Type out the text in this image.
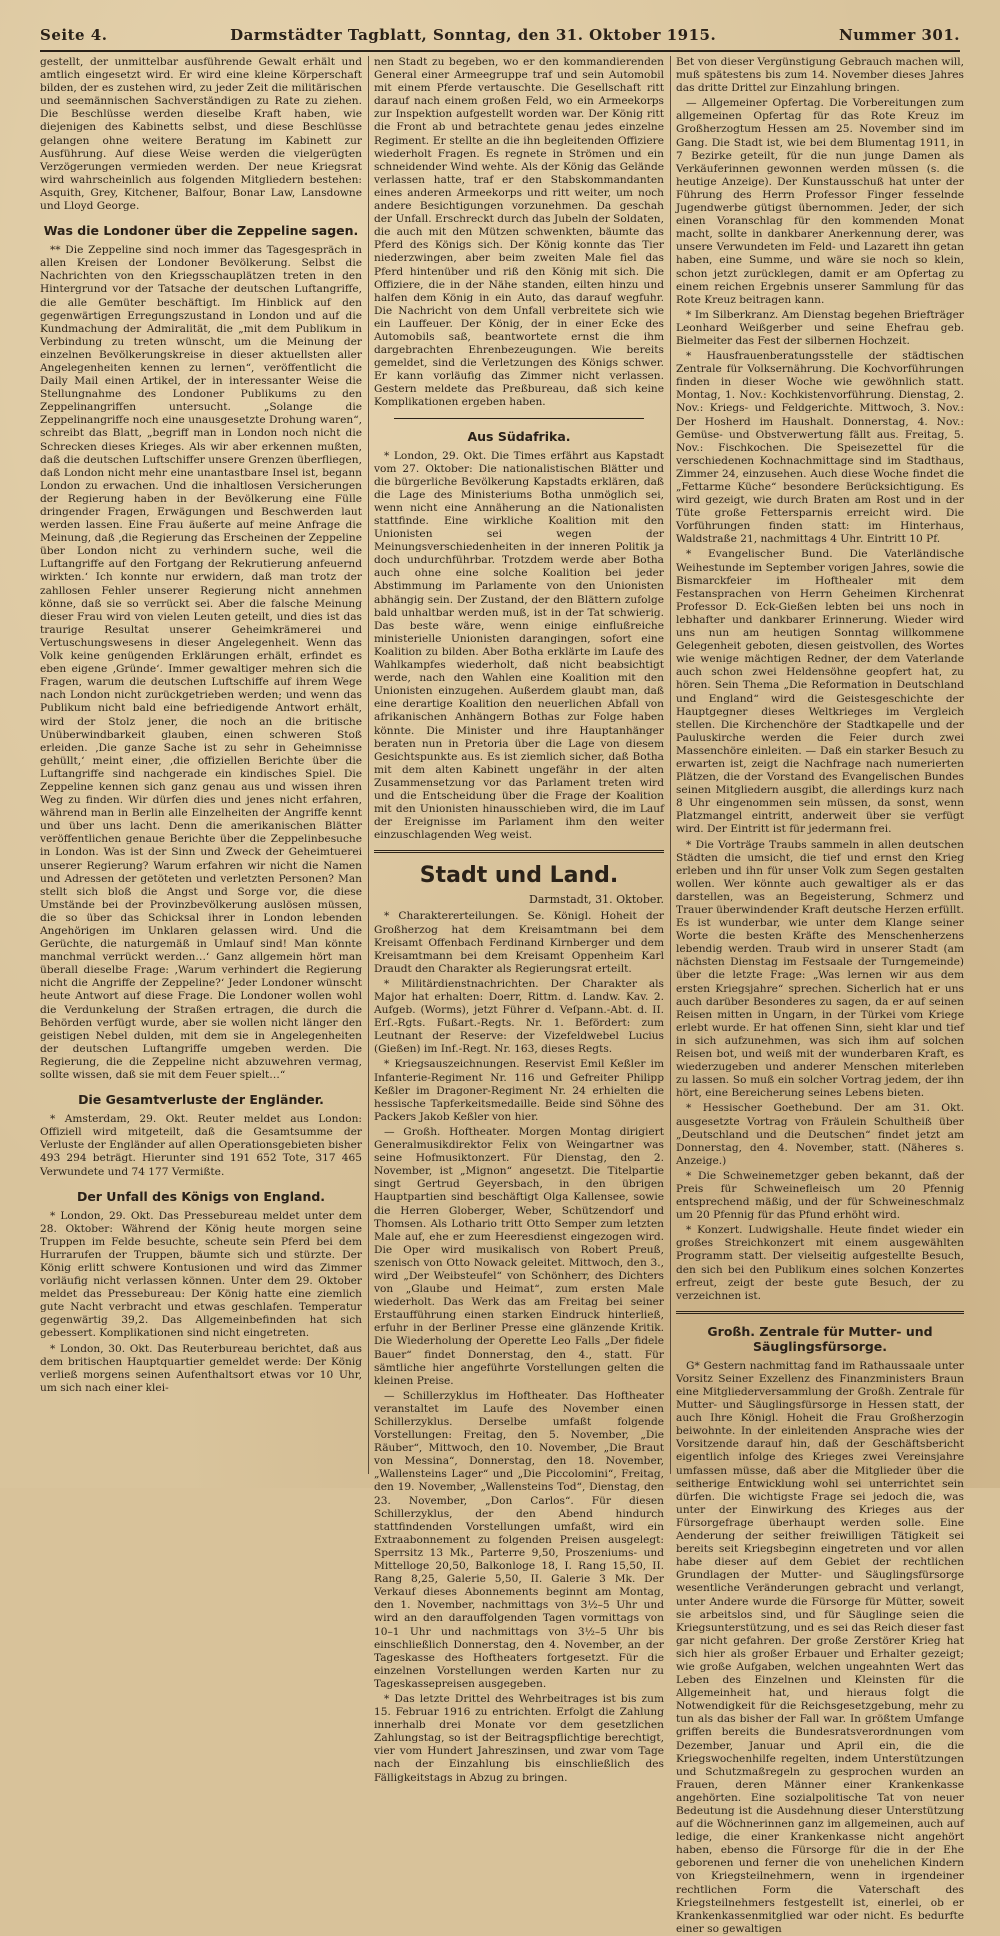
Seite 4.	Darmstädter Tagblatt, Sonntag, den 31. Oktober 1915.	Nummer 301.

gestellt, der unmittelbar ausführende Gewalt erhält und amtlich eingesetzt wird. Er wird eine kleine Körperschaft bilden, der es zustehen wird, zu jeder Zeit die militärischen und seemännischen Sachverständigen zu Rate zu ziehen. Die Beschlüsse werden dieselbe Kraft haben, wie diejenigen des Kabinetts selbst, und diese Beschlüsse gelangen ohne weitere Beratung im Kabinett zur Ausführung. Auf diese Weise werden die vielgerügten Verzögerungen vermieden werden. Der neue Kriegsrat wird wahrscheinlich aus folgenden Mitgliedern bestehen: Asquith, Grey, Kitchener, Balfour, Bonar Law, Lansdowne und Lloyd George.

Was die Londoner über die Zeppeline sagen.

** Die Zeppeline sind noch immer das Tagesgespräch in allen Kreisen der Londoner Bevölkerung. Selbst die Nachrichten von den Kriegsschauplätzen treten in den Hintergrund vor der Tatsache der deutschen Luftangriffe, die alle Gemüter beschäftigt. Im Hinblick auf den gegenwärtigen Erregungszustand in London und auf die Kundmachung der Admiralität, die „mit dem Publikum in Verbindung zu treten wünscht, um die Meinung der einzelnen Bevölkerungskreise in dieser aktuellsten aller Angelegenheiten kennen zu lernen“, veröffentlicht die Daily Mail einen Artikel, der in interessanter Weise die Stellungnahme des Londoner Publikums zu den Zeppelinangriffen untersucht. „Solange die Zeppelinangriffe noch eine unausgesetzte Drohung waren“, schreibt das Blatt, „begriff man in London noch nicht die Schrecken dieses Krieges. Als wir aber erkennen mußten, daß die deutschen Luftschiffer unsere Grenzen überfliegen, daß London nicht mehr eine unantastbare Insel ist, begann London zu erwachen. Und die inhaltlosen Versicherungen der Regierung haben in der Bevölkerung eine Fülle dringender Fragen, Erwägungen und Beschwerden laut werden lassen. Eine Frau äußerte auf meine Anfrage die Meinung, daß ‚die Regierung das Erscheinen der Zeppeline über London nicht zu verhindern suche, weil die Luftangriffe auf den Fortgang der Rekrutierung anfeuernd wirkten.‘ Ich konnte nur erwidern, daß man trotz der zahllosen Fehler unserer Regierung nicht annehmen könne, daß sie so verrückt sei. Aber die falsche Meinung dieser Frau wird von vielen Leuten geteilt, und dies ist das traurige Resultat unserer Geheimkrämerei und Vertuschungswesens in dieser Angelegenheit. Wenn das Volk keine genügenden Erklärungen erhält, erfindet es eben eigene ‚Gründe‘. Immer gewaltiger mehren sich die Fragen, warum die deutschen Luftschiffe auf ihrem Wege nach London nicht zurückgetrieben werden; und wenn das Publikum nicht bald eine befriedigende Antwort erhält, wird der Stolz jener, die noch an die britische Unüberwindbarkeit glauben, einen schweren Stoß erleiden. ‚Die ganze Sache ist zu sehr in Geheimnisse gehüllt,‘ meint einer, ‚die offiziellen Berichte über die Luftangriffe sind nachgerade ein kindisches Spiel. Die Zeppeline kennen sich ganz genau aus und wissen ihren Weg zu finden. Wir dürfen dies und jenes nicht erfahren, während man in Berlin alle Einzelheiten der Angriffe kennt und über uns lacht. Denn die amerikanischen Blätter veröffentlichen genaue Berichte über die Zeppelinbesuche in London. Was ist der Sinn und Zweck der Geheimtuerei unserer Regierung? Warum erfahren wir nicht die Namen und Adressen der getöteten und verletzten Personen? Man stellt sich bloß die Angst und Sorge vor, die diese Umstände bei der Provinzbevölkerung auslösen müssen, die so über das Schicksal ihrer in London lebenden Angehörigen im Unklaren gelassen wird. Und die Gerüchte, die naturgemäß in Umlauf sind! Man könnte manchmal verrückt werden…‘ Ganz allgemein hört man überall dieselbe Frage: ‚Warum verhindert die Regierung nicht die Angriffe der Zeppeline?‘ Jeder Londoner wünscht heute Antwort auf diese Frage. Die Londoner wollen wohl die Verdunkelung der Straßen ertragen, die durch die Behörden verfügt wurde, aber sie wollen nicht länger den geistigen Nebel dulden, mit dem sie in Angelegenheiten der deutschen Luftangriffe umgeben werden. Die Regierung, die die Zeppeline nicht abzuwehren vermag, sollte wissen, daß sie mit dem Feuer spielt…“

Die Gesamtverluste der Engländer.

* Amsterdam, 29. Okt. Reuter meldet aus London: Offiziell wird mitgeteilt, daß die Gesamtsumme der Verluste der Engländer auf allen Operationsgebieten bisher 493 294 beträgt. Hierunter sind 191 652 Tote, 317 465 Verwundete und 74 177 Vermißte.

Der Unfall des Königs von England.

* London, 29. Okt. Das Pressebureau meldet unter dem 28. Oktober: Während der König heute morgen seine Truppen im Felde besuchte, scheute sein Pferd bei dem Hurrarufen der Truppen, bäumte sich und stürzte. Der König erlitt schwere Kontusionen und wird das Zimmer vorläufig nicht verlassen können. Unter dem 29. Oktober meldet das Pressebureau: Der König hatte eine ziemlich gute Nacht verbracht und etwas geschlafen. Temperatur gegenwärtig 39,2. Das Allgemeinbefinden hat sich gebessert. Komplikationen sind nicht eingetreten.

* London, 30. Okt. Das Reuterbureau berichtet, daß aus dem britischen Hauptquartier gemeldet werde: Der König verließ morgens seinen Aufenthaltsort etwas vor 10 Uhr, um sich nach einer klei-

nen Stadt zu begeben, wo er den kommandierenden General einer Armeegruppe traf und sein Automobil mit einem Pferde vertauschte. Die Gesellschaft ritt darauf nach einem großen Feld, wo ein Armeekorps zur Inspektion aufgestellt worden war. Der König ritt die Front ab und betrachtete genau jedes einzelne Regiment. Er stellte an die ihn begleitenden Offiziere wiederholt Fragen. Es regnete in Strömen und ein schneidender Wind wehte. Als der König das Gelände verlassen hatte, traf er den Stabskommandanten eines anderen Armeekorps und ritt weiter, um noch andere Besichtigungen vorzunehmen. Da geschah der Unfall. Erschreckt durch das Jubeln der Soldaten, die auch mit den Mützen schwenkten, bäumte das Pferd des Königs sich. Der König konnte das Tier niederzwingen, aber beim zweiten Male fiel das Pferd hintenüber und riß den König mit sich. Die Offiziere, die in der Nähe standen, eilten hinzu und halfen dem König in ein Auto, das darauf wegfuhr. Die Nachricht von dem Unfall verbreitete sich wie ein Lauffeuer. Der König, der in einer Ecke des Automobils saß, beantwortete ernst die ihm dargebrachten Ehrenbezeugungen. Wie bereits gemeldet, sind die Verletzungen des Königs schwer. Er kann vorläufig das Zimmer nicht verlassen. Gestern meldete das Preßbureau, daß sich keine Komplikationen ergeben haben.

Aus Südafrika.

* London, 29. Okt. Die Times erfährt aus Kapstadt vom 27. Oktober: Die nationalistischen Blätter und die bürgerliche Bevölkerung Kapstadts erklären, daß die Lage des Ministeriums Botha unmöglich sei, wenn nicht eine Annäherung an die Nationalisten stattfinde. Eine wirkliche Koalition mit den Unionisten sei wegen der Meinungsverschiedenheiten in der inneren Politik ja doch undurchführbar. Trotzdem werde aber Botha auch ohne eine solche Koalition bei jeder Abstimmung im Parlamente von den Unionisten abhängig sein. Der Zustand, der den Blättern zufolge bald unhaltbar werden muß, ist in der Tat schwierig. Das beste wäre, wenn einige einflußreiche ministerielle Unionisten darangingen, sofort eine Koalition zu bilden. Aber Botha erklärte im Laufe des Wahlkampfes wiederholt, daß nicht beabsichtigt werde, nach den Wahlen eine Koalition mit den Unionisten einzugehen. Außerdem glaubt man, daß eine derartige Koalition den neuerlichen Abfall von afrikanischen Anhängern Bothas zur Folge haben könnte. Die Minister und ihre Hauptanhänger beraten nun in Pretoria über die Lage von diesem Gesichtspunkte aus. Es ist ziemlich sicher, daß Botha mit dem alten Kabinett ungefähr in der alten Zusammensetzung vor das Parlament treten wird und die Entscheidung über die Frage der Koalition mit den Unionisten hinausschieben wird, die im Lauf der Ereignisse im Parlament ihm den weiter einzuschlagenden Weg weist.

Stadt und Land.
Darmstadt, 31. Oktober.

* Charaktererteilungen. Se. Königl. Hoheit der Großherzog hat dem Kreisamtmann bei dem Kreisamt Offenbach Ferdinand Kirnberger und dem Kreisamtmann bei dem Kreisamt Oppenheim Karl Draudt den Charakter als Regierungsrat erteilt.

* Militärdienstnachrichten. Der Charakter als Major hat erhalten: Doerr, Rittm. d. Landw. Kav. 2. Aufgeb. (Worms), jetzt Führer d. Veſpann.-Abt. d. II. Erſ.-Rgts. Fußart.-Regts. Nr. 1. Befördert: zum Leutnant der Reserve: der Vizefeldwebel Lucius (Gießen) im Inf.-Regt. Nr. 163, dieses Regts.

* Kriegsauszeichnungen. Reservist Emil Keßler im Infanterie-Regiment Nr. 116 und Gefreiter Philipp Keßler im Dragoner-Regiment Nr. 24 erhielten die hessische Tapferkeitsmedaille. Beide sind Söhne des Packers Jakob Keßler von hier.

— Großh. Hoftheater. Morgen Montag dirigiert Generalmusikdirektor Felix von Weingartner was seine Hofmusiktonzert. Für Dienstag, den 2. November, ist „Mignon“ angesetzt. Die Titelpartie singt Gertrud Geyersbach, in den übrigen Hauptpartien sind beschäftigt Olga Kallensee, sowie die Herren Globerger, Weber, Schützendorf und Thomsen. Als Lothario tritt Otto Semper zum letzten Male auf, ehe er zum Heeresdienst eingezogen wird. Die Oper wird musikalisch von Robert Preuß, szenisch von Otto Nowack geleitet. Mittwoch, den 3., wird „Der Weibsteufel“ von Schönherr, des Dichters von „Glaube und Heimat“, zum ersten Male wiederholt. Das Werk das am Freitag bei seiner Erstaufführung einen starken Eindruck hinterließ, erfuhr in der Berliner Presse eine glänzende Kritik. Die Wiederholung der Operette Leo Falls „Der fidele Bauer“ findet Donnerstag, den 4., statt. Für sämtliche hier angeführte Vorstellungen gelten die kleinen Preise.

— Schillerzyklus im Hoftheater. Das Hoftheater veranstaltet im Laufe des November einen Schillerzyklus. Derselbe umfaßt folgende Vorstellungen: Freitag, den 5. November, „Die Räuber“, Mittwoch, den 10. November, „Die Braut von Messina“, Donnerstag, den 18. November, „Wallensteins Lager“ und „Die Piccolomini“, Freitag, den 19. November, „Wallensteins Tod“, Dienstag, den 23. November, „Don Carlos“. Für diesen Schillerzyklus, der den Abend hindurch stattfindenden Vorstellungen umfaßt, wird ein Extraabonnement zu folgenden Preisen ausgelegt: Sperrsitz 13 Mk., Parterre 9,50, Proszeniums- und Mittelloge 20,50, Balkonloge 18, I. Rang 15,50, II. Rang 8,25, Galerie 5,50, II. Galerie 3 Mk. Der Verkauf dieses Abonnements beginnt am Montag, den 1. November, nachmittags von 3½–5 Uhr und wird an den darauffolgenden Tagen vormittags von 10–1 Uhr und nachmittags von 3½–5 Uhr bis einschließlich Donnerstag, den 4. November, an der Tageskasse des Hoftheaters fortgesetzt. Für die einzelnen Vorstellungen werden Karten nur zu Tageskassepreisen ausgegeben.

* Das letzte Drittel des Wehrbeitrages ist bis zum 15. Februar 1916 zu entrichten. Erfolgt die Zahlung innerhalb drei Monate vor dem gesetzlichen Zahlungstag, so ist der Beitragspflichtige berechtigt, vier vom Hundert Jahreszinsen, und zwar vom Tage nach der Einzahlung bis einschließlich des Fälligkeitstags in Abzug zu bringen.

Bet von dieser Vergünstigung Gebrauch machen will, muß spätestens bis zum 14. November dieses Jahres das dritte Drittel zur Einzahlung bringen.

— Allgemeiner Opfertag. Die Vorbereitungen zum allgemeinen Opfertag für das Rote Kreuz im Großherzogtum Hessen am 25. November sind im Gang. Die Stadt ist, wie bei dem Blumentag 1911, in 7 Bezirke geteilt, für die nun junge Damen als Verkäuferinnen gewonnen werden müssen (s. die heutige Anzeige). Der Kunstausschuß hat unter der Führung des Herrn Professor Finger fesselnde Jugendwerbe gütigst übernommen. Jeder, der sich einen Voranschlag für den kommenden Monat macht, sollte in dankbarer Anerkennung derer, was unsere Verwundeten im Feld- und Lazarett ihn getan haben, eine Summe, und wäre sie noch so klein, schon jetzt zurücklegen, damit er am Opfertag zu einem reichen Ergebnis unserer Sammlung für das Rote Kreuz beitragen kann.

* Im Silberkranz. Am Dienstag begehen Briefträger Leonhard Weißgerber und seine Ehefrau geb. Bielmeiter das Fest der silbernen Hochzeit.

* Hausfrauenberatungsstelle der städtischen Zentrale für Volksernährung. Die Kochvorführungen finden in dieser Woche wie gewöhnlich statt. Montag, 1. Nov.: Kochkistenvorführung. Dienstag, 2. Nov.: Kriegs- und Feldgerichte. Mittwoch, 3. Nov.: Der Hosherd im Haushalt. Donnerstag, 4. Nov.: Gemüse- und Obstverwertung fällt aus. Freitag, 5. Nov.: Fischkochen. Die Speisezettel für die verschiedenen Kochnachmittage sind im Stadthaus, Zimmer 24, einzusehen. Auch diese Woche findet die „Fettarme Küche“ besondere Berücksichtigung. Es wird gezeigt, wie durch Braten am Rost und in der Tüte große Fettersparnis erreicht wird. Die Vorführungen finden statt: im Hinterhaus, Waldstraße 21, nachmittags 4 Uhr. Eintritt 10 Pf.

* Evangelischer Bund. Die Vaterländische Weihestunde im September vorigen Jahres, sowie die Bismarckfeier im Hofthealer mit dem Festansprachen von Herrn Geheimen Kirchenrat Professor D. Eck-Gießen lebten bei uns noch in lebhafter und dankbarer Erinnerung. Wieder wird uns nun am heutigen Sonntag willkommene Gelegenheit geboten, diesen geistvollen, des Wortes wie wenige mächtigen Redner, der dem Vaterlande auch schon zwei Heldensöhne geopfert hat, zu hören. Sein Thema „Die Reformation in Deutschland und England“ wird die Geistesgeschichte der Hauptgegner dieses Weltkrieges im Vergleich stellen. Die Kirchenchöre der Stadtkapelle und der Pauluskirche werden die Feier durch zwei Massenchöre einleiten. — Daß ein starker Besuch zu erwarten ist, zeigt die Nachfrage nach numerierten Plätzen, die der Vorstand des Evangelischen Bundes seinen Mitgliedern ausgibt, die allerdings kurz nach 8 Uhr eingenommen sein müssen, da sonst, wenn Platzmangel eintritt, anderweit über sie verfügt wird. Der Eintritt ist für jedermann frei.

* Die Vorträge Traubs sammeln in allen deutschen Städten die umsicht, die tief und ernst den Krieg erleben und ihn für unser Volk zum Segen gestalten wollen. Wer könnte auch gewaltiger als er das darstellen, was an Begeisterung, Schmerz und Trauer überwindender Kraft deutsche Herzen erfüllt. Es ist wunderbar, wie unter dem Klange seiner Worte die besten Kräfte des Menschenherzens lebendig werden. Traub wird in unserer Stadt (am nächsten Dienstag im Festsaale der Turngemeinde) über die letzte Frage: „Was lernen wir aus dem ersten Kriegsjahre“ sprechen. Sicherlich hat er uns auch darüber Besonderes zu sagen, da er auf seinen Reisen mitten in Ungarn, in der Türkei vom Kriege erlebt wurde. Er hat offenen Sinn, sieht klar und tief in sich aufzunehmen, was sich ihm auf solchen Reisen bot, und weiß mit der wunderbaren Kraft, es wiederzugeben und anderer Menschen miterleben zu lassen. So muß ein solcher Vortrag jedem, der ihn hört, eine Bereicherung seines Lebens bieten.

* Hessischer Goethebund. Der am 31. Okt. ausgesetzte Vortrag von Fräulein Schultheiß über „Deutschland und die Deutschen“ findet jetzt am Donnerstag, den 4. November, statt. (Näheres s. Anzeige.)

* Die Schweinemetzger geben bekannt, daß der Preis für Schweinefleisch um 20 Pfennig entsprechend mäßig, und der für Schweineschmalz um 20 Pfennig für das Pfund erhöht wird.

* Konzert. Ludwigshalle. Heute findet wieder ein großes Streichkonzert mit einem ausgewählten Programm statt. Der vielseitig aufgestellte Besuch, den sich bei den Publikum eines solchen Konzertes erfreut, zeigt der beste gute Besuch, der zu verzeichnen ist.

Großh. Zentrale für Mutter- und Säuglingsfürsorge.

G* Gestern nachmittag fand im Rathaussaale unter Vorsitz Seiner Exzellenz des Finanzministers Braun eine Mitgliederversammlung der Großh. Zentrale für Mutter- und Säuglingsfürsorge in Hessen statt, der auch Ihre Königl. Hoheit die Frau Großherzogin beiwohnte. In der einleitenden Ansprache wies der Vorsitzende darauf hin, daß der Geschäftsbericht eigentlich infolge des Krieges zwei Vereinsjahre umfassen müsse, daß aber die Mitglieder über die seitherige Entwicklung wohl sei unterrichtet sein dürfen. Die wichtigste Frage sei jedoch die, was unter der Einwirkung des Krieges aus der Fürsorgefrage überhaupt werden solle. Eine Aenderung der seither freiwilligen Tätigkeit sei bereits seit Kriegsbeginn eingetreten und vor allen habe dieser auf dem Gebiet der rechtlichen Grundlagen der Mutter- und Säuglingsfürsorge wesentliche Veränderungen gebracht und verlangt, unter Andere wurde die Fürsorge für Mütter, soweit sie arbeitslos sind, und für Säuglinge seien die Kriegsunterstützung, und es sei das Reich dieser fast gar nicht gefahren. Der große Zerstörer Krieg hat sich hier als großer Erbauer und Erhalter gezeigt; wie große Aufgaben, welchen ungeahnten Wert das Leben des Einzelnen und Kleinsten für die Allgemeinheit hat, und hieraus folgt die Notwendigkeit für die Reichsgesetzgebung, mehr zu tun als das bisher der Fall war. In größtem Umfange griffen bereits die Bundesratsverordnungen vom Dezember, Januar und April ein, die die Kriegswochenhilfe regelten, indem Unterstützungen und Schutzmaßregeln zu gesprochen wurden an Frauen, deren Männer einer Krankenkasse angehörten. Eine sozialpolitische Tat von neuer Bedeutung ist die Ausdehnung dieser Unterstützung auf die Wöchnerinnen ganz im allgemeinen, auch auf ledige, die einer Krankenkasse nicht angehört haben, ebenso die Fürsorge für die in der Ehe geborenen und ferner die von unehelichen Kindern von Kriegsteilnehmern, wenn in irgendeiner rechtlichen Form die Vaterschaft des Kriegsteilnehmers festgestellt ist, einerlei, ob er Krankenkassenmitglied war oder nicht. Es bedurfte einer so gewaltigen
